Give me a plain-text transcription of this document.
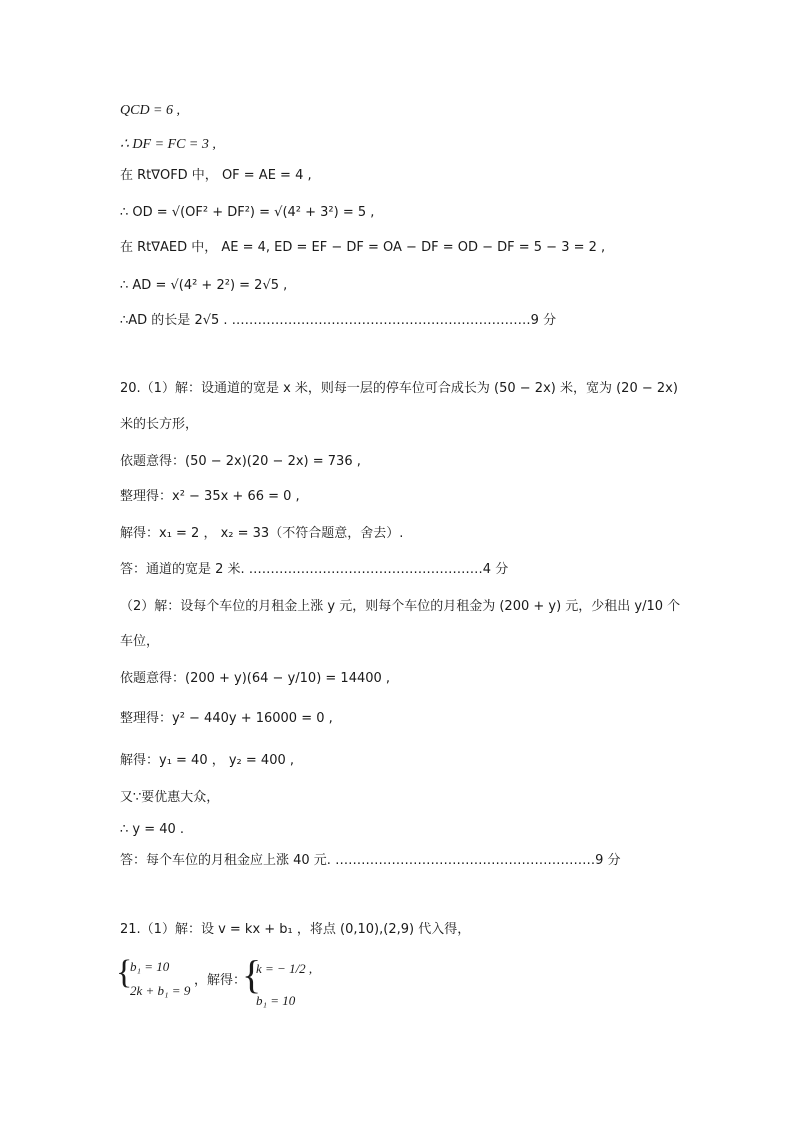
QCD = 6 ,
∴ DF = FC = 3 ,
在 Rt∇OFD 中， OF = AE = 4 ,
∴ OD = √(OF² + DF²) = √(4² + 3²) = 5 ,
在 Rt∇AED 中， AE = 4, ED = EF − DF = OA − DF = OD − DF = 5 − 3 = 2 ,
∴ AD = √(4² + 2²) = 2√5 ,
∴AD 的长是 2√5 . ……………………………………………………………9 分
20.（1）解：设通道的宽是 x 米，则每一层的停车位可合成长为 (50 − 2x) 米，宽为 (20 − 2x)
米的长方形，
依题意得：(50 − 2x)(20 − 2x) = 736 ,
整理得：x² − 35x + 66 = 0 ,
解得：x₁ = 2 ， x₂ = 33（不符合题意，舍去）.
答：通道的宽是 2 米. ………………………………………………4 分
（2）解：设每个车位的月租金上涨 y 元，则每个车位的月租金为 (200 + y) 元，少租出 y/10 个
车位，
依题意得：(200 + y)(64 − y/10) = 14400 ,
整理得：y² − 440y + 16000 = 0 ,
解得：y₁ = 40 ， y₂ = 400 ,
又∵要优惠大众，
∴ y = 40 .
答：每个车位的月租金应上涨 40 元. ……………………………………………………9 分
21.（1）解：设 v = kx + b₁ ，将点 (0,10),(2,9) 代入得，
{
b₁ = 10
2k + b₁ = 9
，解得：
{
k = − 1/2 ,
b₁ = 10
